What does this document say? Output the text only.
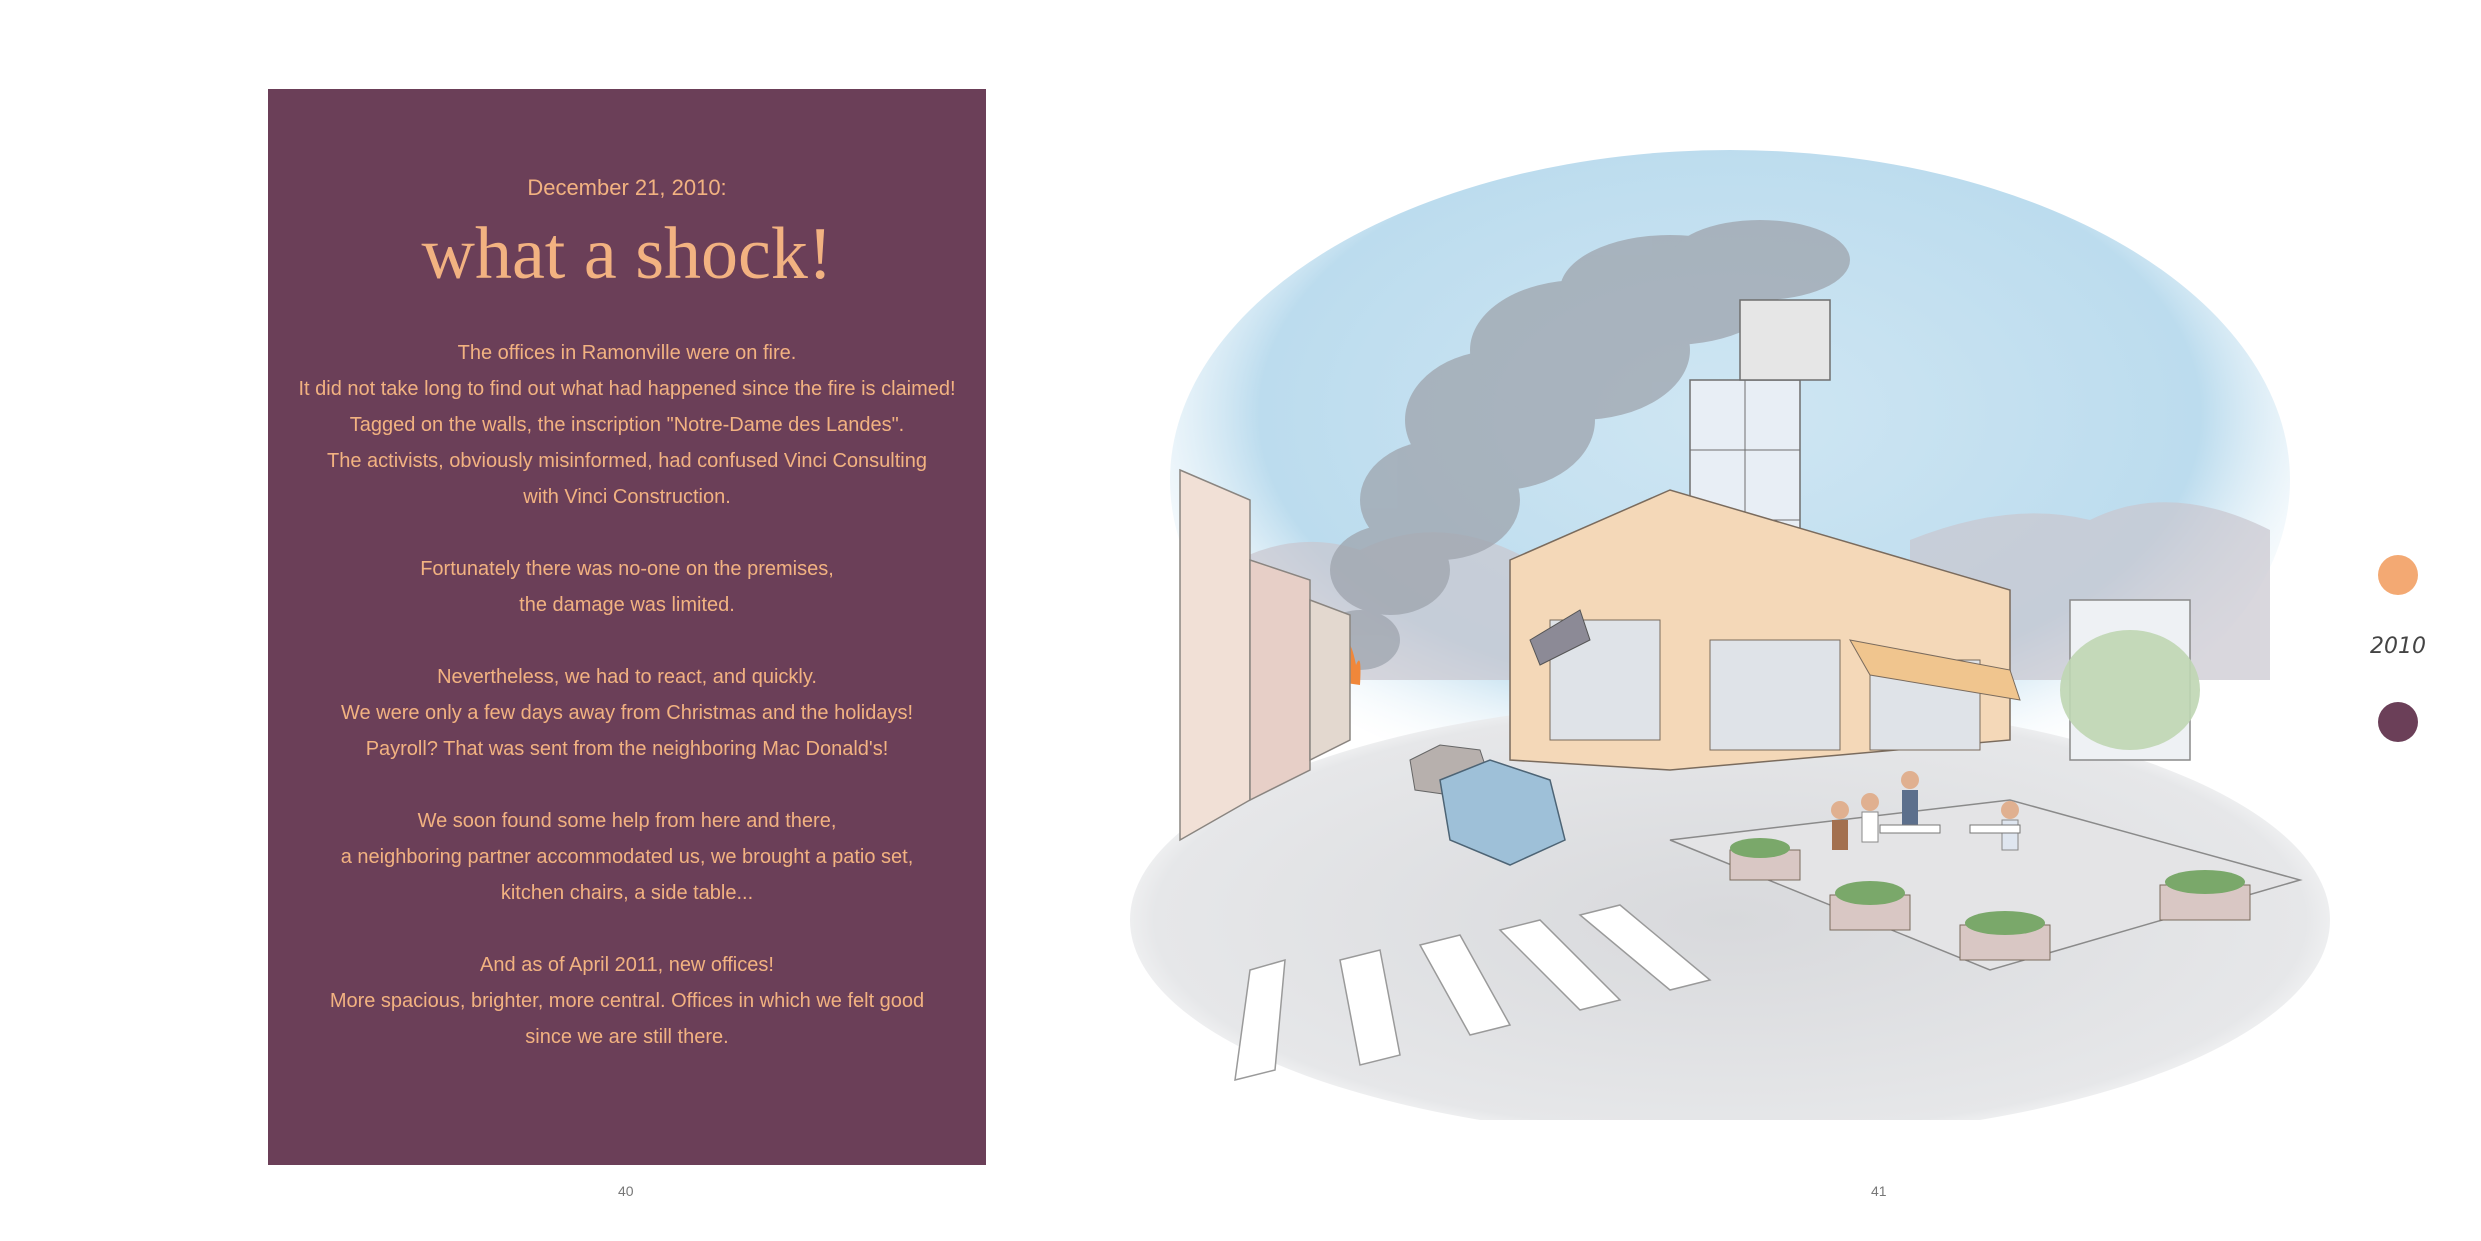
December 21, 2010:
what a shock!

The offices in Ramonville were on fire.
It did not take long to find out what had happened since the fire is claimed!
Tagged on the walls, the inscription "Notre-Dame des Landes".
The activists, obviously misinformed, had confused Vinci Consulting
with Vinci Construction.

Fortunately there was no-one on the premises,
the damage was limited.

Nevertheless, we had to react, and quickly.
We were only a few days away from Christmas and the holidays!
Payroll? That was sent from the neighboring Mac Donald's!

We soon found some help from here and there,
a neighboring partner accommodated us, we brought a patio set,
kitchen chairs, a side table...

And as of April 2011, new offices!
More spacious, brighter, more central. Offices in which we felt good
since we are still there.

40	41
2010
